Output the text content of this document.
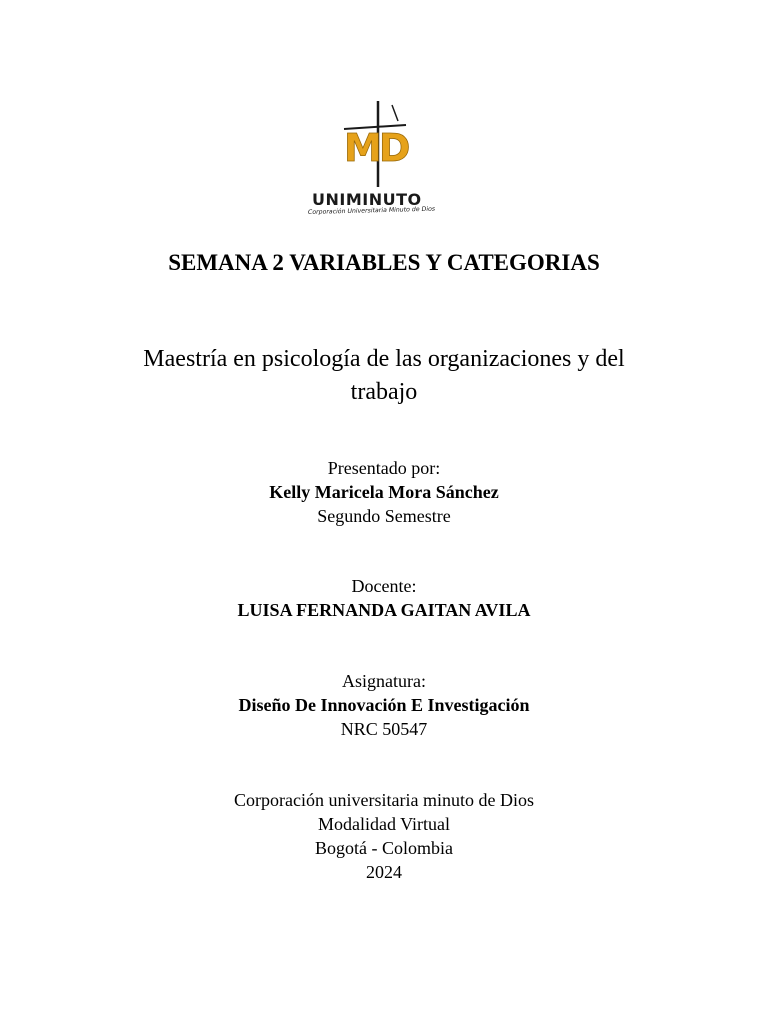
MD
UNIMINUTO
Corporación Universitaria Minuto de Dios
SEMANA 2 VARIABLES Y CATEGORIAS
Maestría en psicología de las organizaciones y del
trabajo
Presentado por:
Kelly Maricela Mora Sánchez
Segundo Semestre
Docente:
LUISA FERNANDA GAITAN AVILA
Asignatura:
Diseño De Innovación E Investigación
NRC 50547
Corporación universitaria minuto de Dios
Modalidad Virtual
Bogotá - Colombia
2024
